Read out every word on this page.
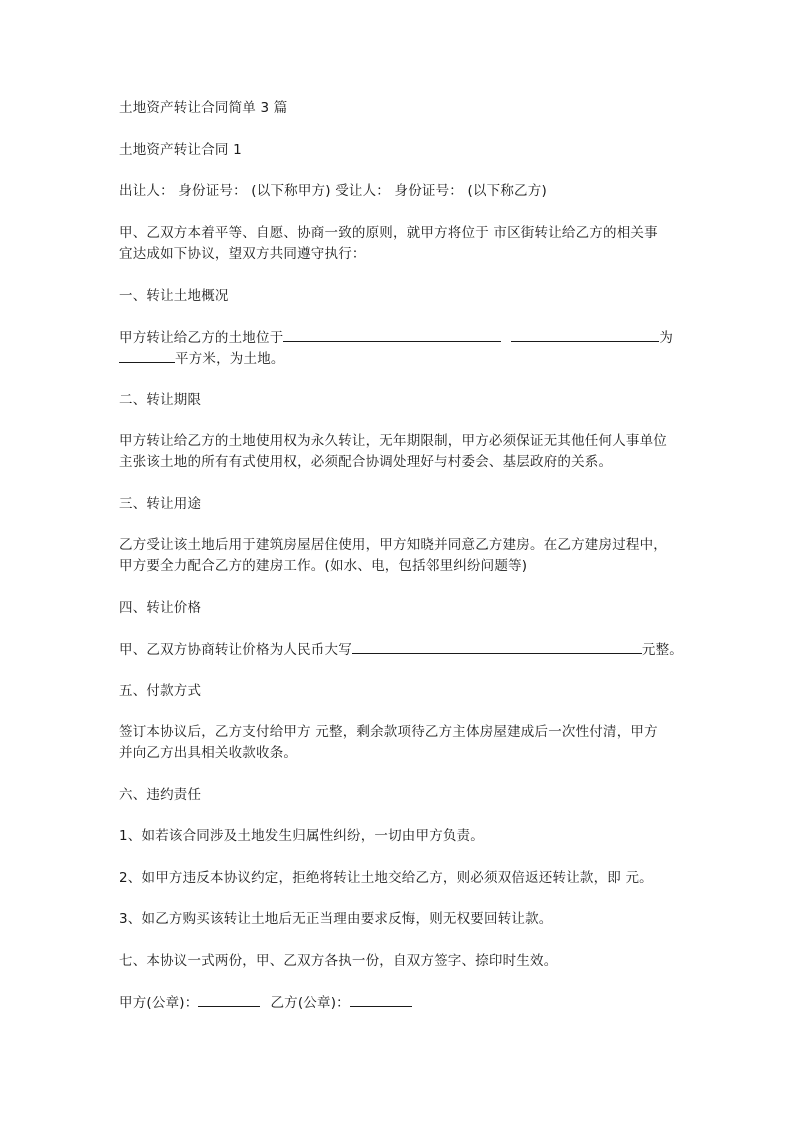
土地资产转让合同简单 3 篇
土地资产转让合同 1
出让人： 身份证号： (以下称甲方) 受让人： 身份证号： (以下称乙方)
甲、乙双方本着平等、自愿、协商一致的原则，就甲方将位于 市区街转让给乙方的相关事
宜达成如下协议，望双方共同遵守执行：
一、转让土地概况
甲方转让给乙方的土地位于	为
平方米，为土地。
二、转让期限
甲方转让给乙方的土地使用权为永久转让，无年期限制，甲方必须保证无其他任何人事单位
主张该土地的所有有式使用权，必须配合协调处理好与村委会、基层政府的关系。
三、转让用途
乙方受让该土地后用于建筑房屋居住使用，甲方知晓并同意乙方建房。在乙方建房过程中，
甲方要全力配合乙方的建房工作。(如水、电，包括邻里纠纷问题等)
四、转让价格
甲、乙双方协商转让价格为人民币大写	元整。
五、付款方式
签订本协议后，乙方支付给甲方 元整，剩余款项待乙方主体房屋建成后一次性付清，甲方
并向乙方出具相关收款收条。
六、违约责任
1、如若该合同涉及土地发生归属性纠纷，一切由甲方负责。
2、如甲方违反本协议约定，拒绝将转让土地交给乙方，则必须双倍返还转让款，即 元。
3、如乙方购买该转让土地后无正当理由要求反悔，则无权要回转让款。
七、本协议一式两份，甲、乙双方各执一份，自双方签字、捺印时生效。
甲方(公章)：	乙方(公章)：
